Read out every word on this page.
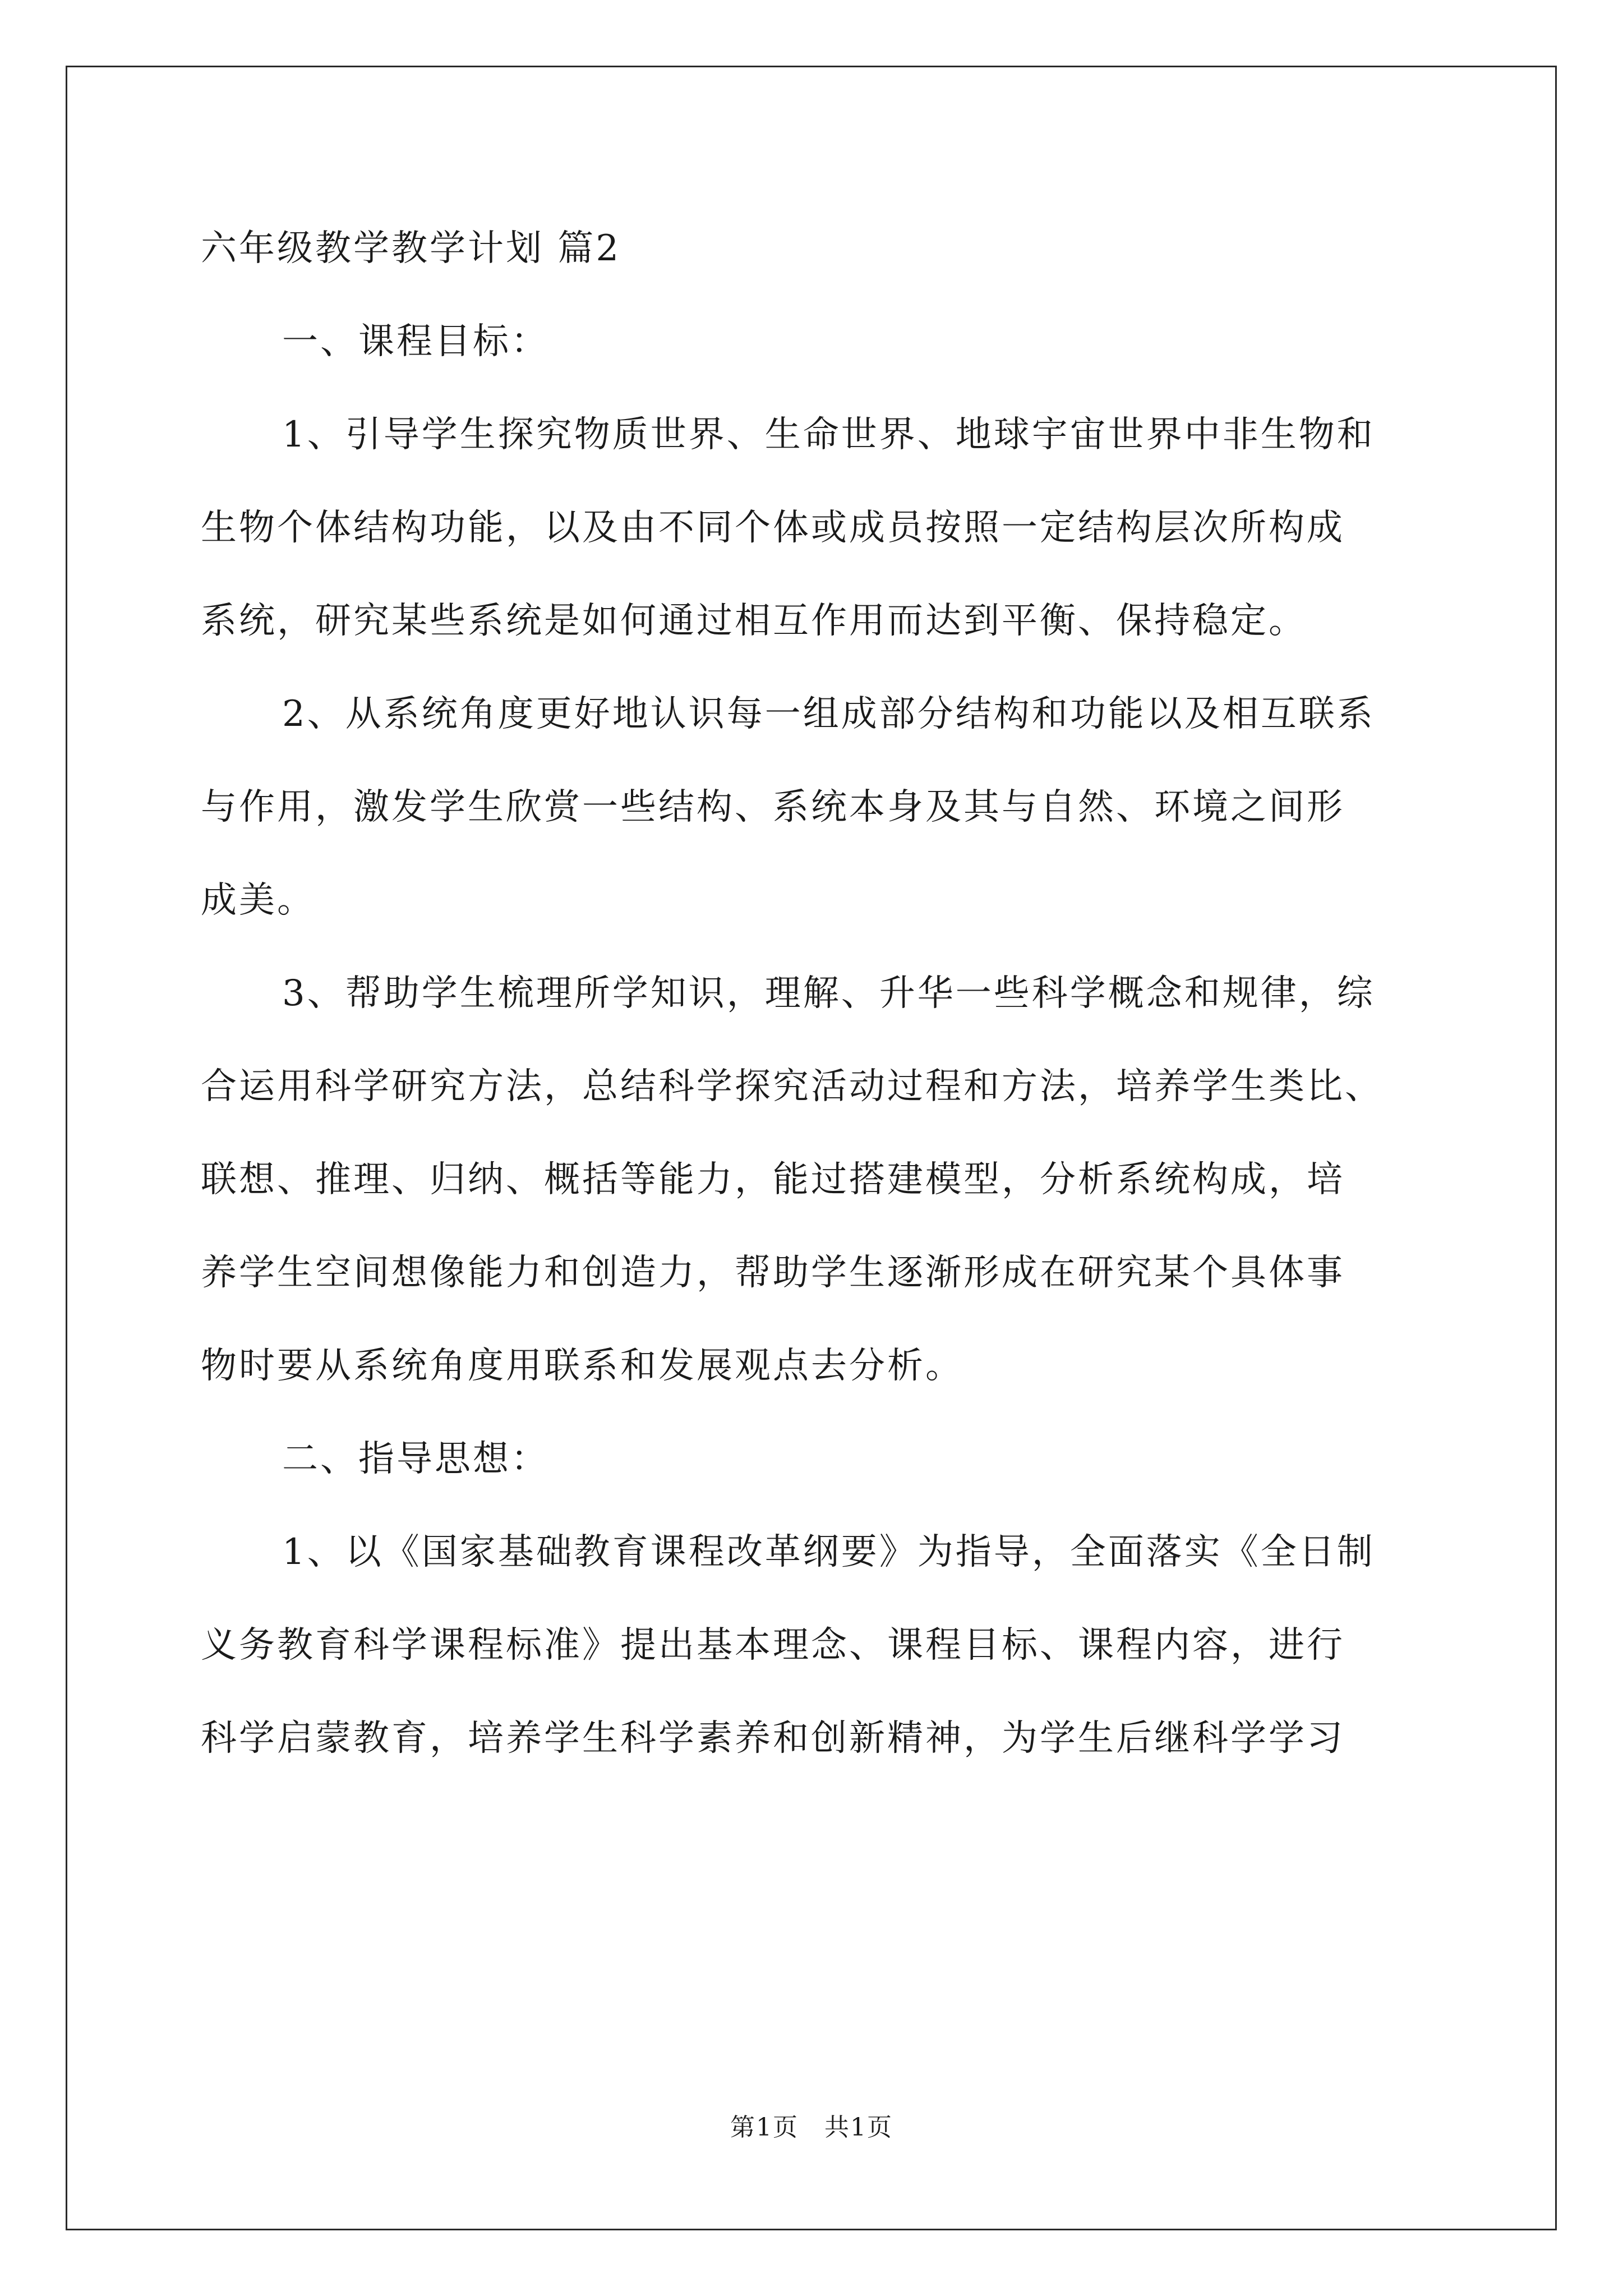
六年级教学教学计划 篇2
一、课程目标：
1、引导学生探究物质世界、生命世界、地球宇宙世界中非生物和
生物个体结构功能，以及由不同个体或成员按照一定结构层次所构成
系统，研究某些系统是如何通过相互作用而达到平衡、保持稳定。
2、从系统角度更好地认识每一组成部分结构和功能以及相互联系
与作用，激发学生欣赏一些结构、系统本身及其与自然、环境之间形
成美。
3、帮助学生梳理所学知识，理解、升华一些科学概念和规律，综
合运用科学研究方法，总结科学探究活动过程和方法，培养学生类比、
联想、推理、归纳、概括等能力，能过搭建模型，分析系统构成，培
养学生空间想像能力和创造力，帮助学生逐渐形成在研究某个具体事
物时要从系统角度用联系和发展观点去分析。
二、指导思想：
1、以《国家基础教育课程改革纲要》为指导，全面落实《全日制
义务教育科学课程标准》提出基本理念、课程目标、课程内容，进行
科学启蒙教育，培养学生科学素养和创新精神，为学生后继科学学习
第1页　共1页
